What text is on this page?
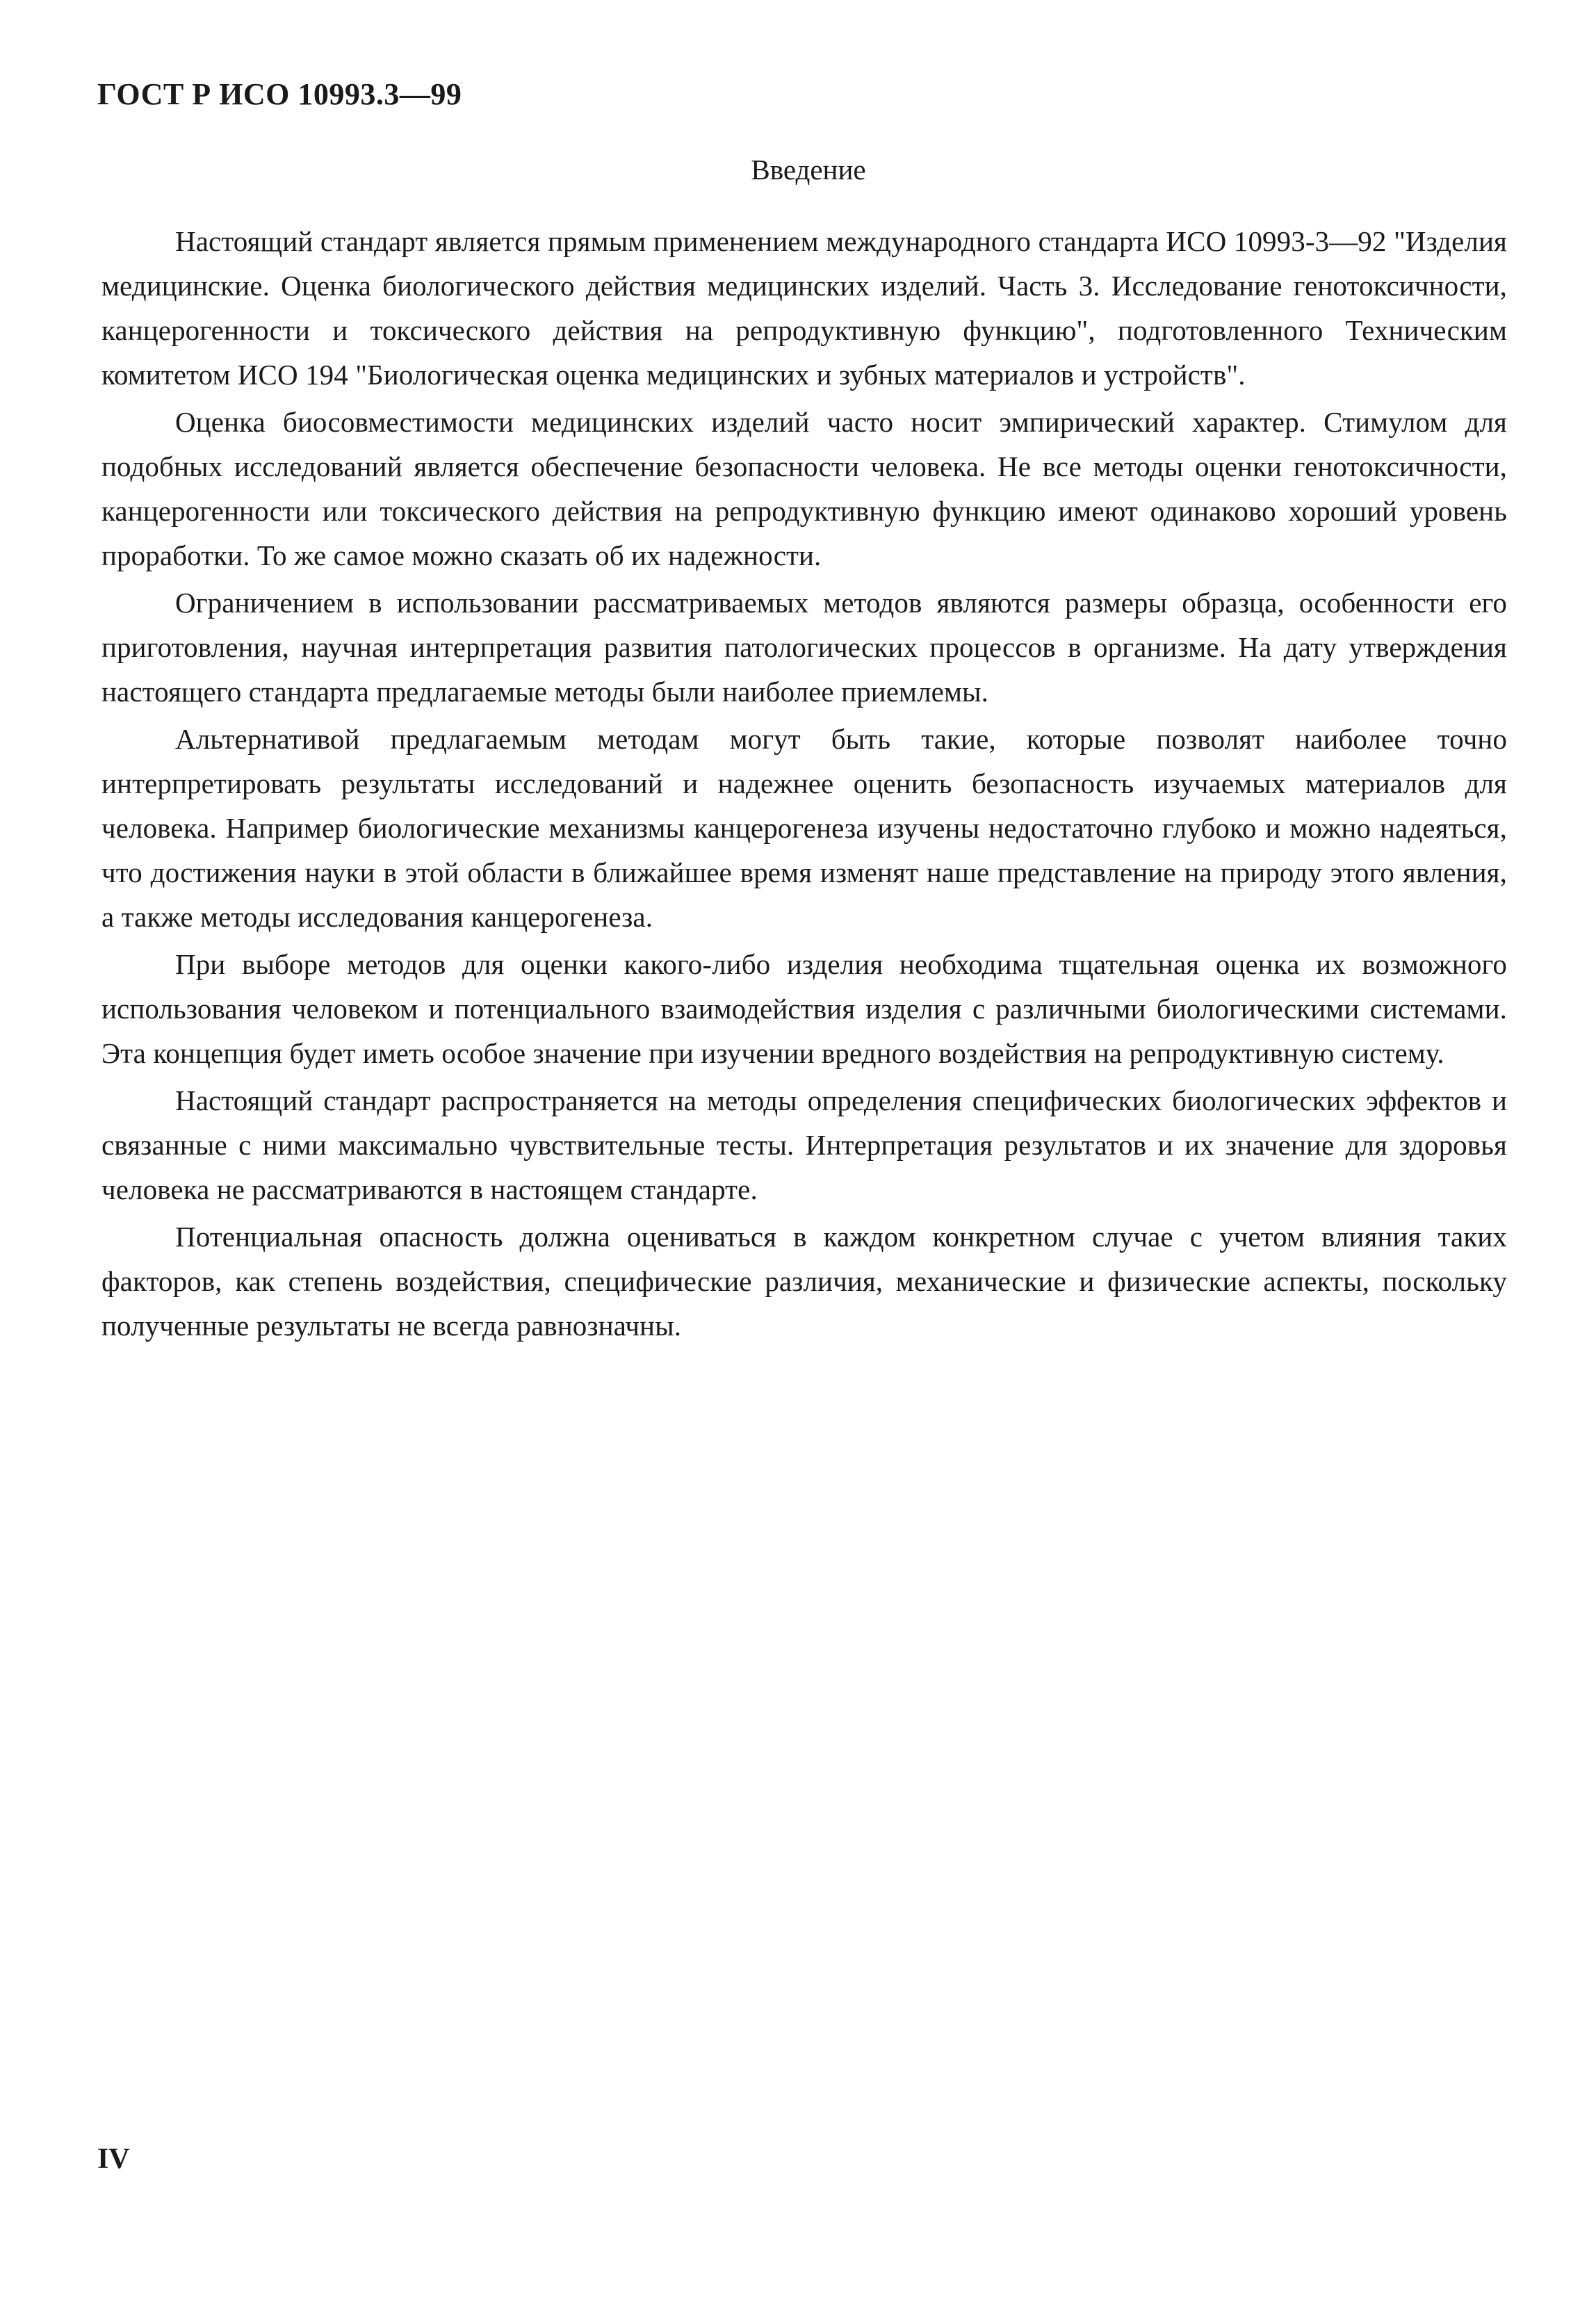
ГОСТ Р ИСО 10993.3—99
Введение

Настоящий стандарт является прямым применением международного стандарта ИСО 10993-3—92 "Изделия медицинские. Оценка биологического действия медицинских изделий. Часть 3. Исследование генотоксичности, канцерогенности и токсического действия на репродуктивную функцию", подготовленного Техническим комитетом ИСО 194 "Биологическая оценка медицинских и зубных материалов и устройств".

Оценка биосовместимости медицинских изделий часто носит эмпирический характер. Стимулом для подобных исследований является обеспечение безопасности человека. Не все методы оценки генотоксичности, канцерогенности или токсического действия на репродуктивную функцию имеют одинаково хороший уровень проработки. То же самое можно сказать об их надежности.

Ограничением в использовании рассматриваемых методов являются размеры образца, особенности его приготовления, научная интерпретация развития патологических процессов в организме. На дату утверждения настоящего стандарта предлагаемые методы были наиболее приемлемы.

Альтернативой предлагаемым методам могут быть такие, которые позволят наиболее точно интерпретировать результаты исследований и надежнее оценить безопасность изучаемых материалов для человека. Например биологические механизмы канцерогенеза изучены недостаточно глубоко и можно надеяться, что достижения науки в этой области в ближайшее время изменят наше представление на природу этого явления, а также методы исследования канцерогенеза.

При выборе методов для оценки какого-либо изделия необходима тщательная оценка их возможного использования человеком и потенциального взаимодействия изделия с различными биологическими системами. Эта концепция будет иметь особое значение при изучении вредного воздействия на репродуктивную систему.

Настоящий стандарт распространяется на методы определения специфических биологических эффектов и связанные с ними максимально чувствительные тесты. Интерпретация результатов и их значение для здоровья человека не рассматриваются в настоящем стандарте.

Потенциальная опасность должна оцениваться в каждом конкретном случае с учетом влияния таких факторов, как степень воздействия, специфические различия, механические и физические аспекты, поскольку полученные результаты не всегда равнозначны.

IV
